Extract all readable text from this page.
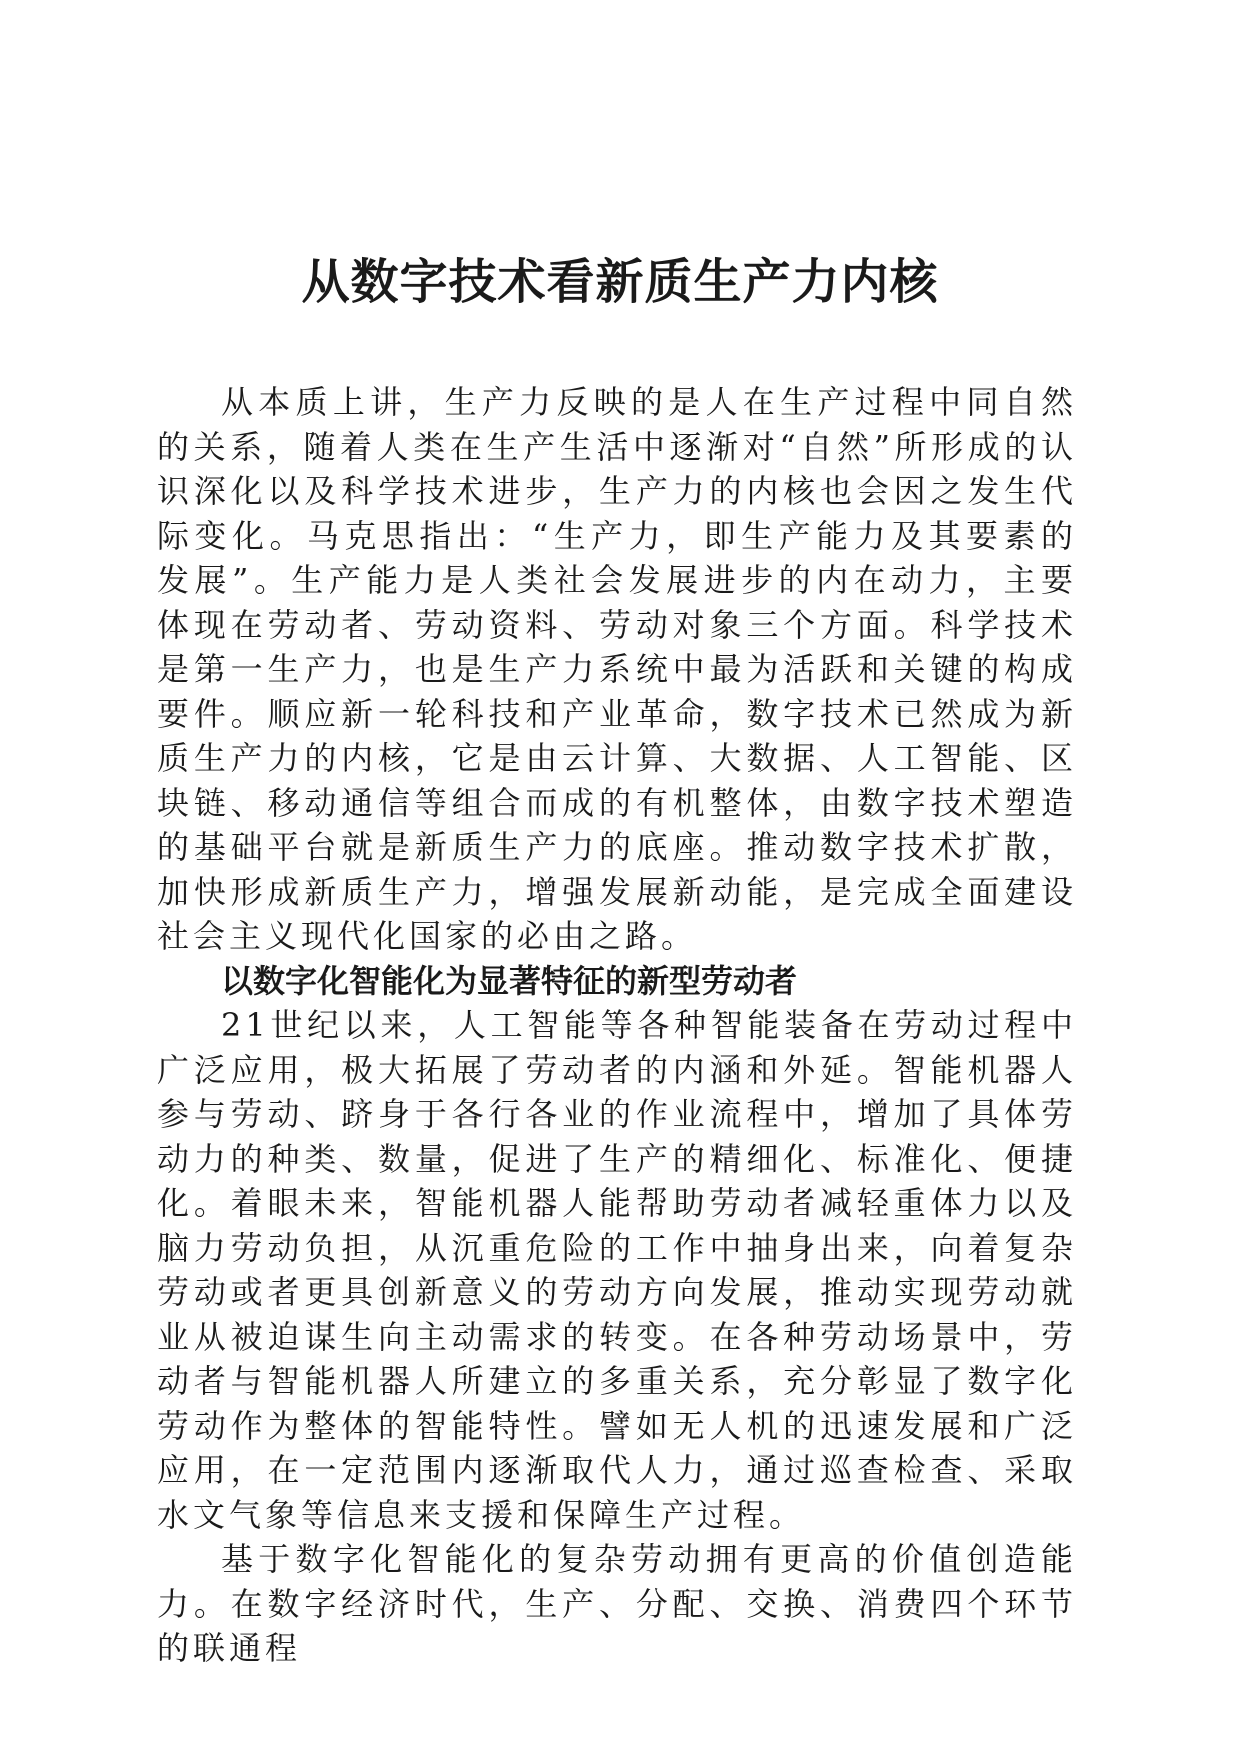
从数字技术看新质生产力内核

从本质上讲，生产力反映的是人在生产过程中同自然的关系，随着人类在生产生活中逐渐对“自然”所形成的认识深化以及科学技术进步，生产力的内核也会因之发生代际变化。马克思指出：“生产力，即生产能力及其要素的发展”。生产能力是人类社会发展进步的内在动力，主要体现在劳动者、劳动资料、劳动对象三个方面。科学技术是第一生产力，也是生产力系统中最为活跃和关键的构成要件。顺应新一轮科技和产业革命，数字技术已然成为新质生产力的内核，它是由云计算、大数据、人工智能、区块链、移动通信等组合而成的有机整体，由数字技术塑造的基础平台就是新质生产力的底座。推动数字技术扩散，加快形成新质生产力，增强发展新动能，是完成全面建设社会主义现代化国家的必由之路。

以数字化智能化为显著特征的新型劳动者

21世纪以来，人工智能等各种智能装备在劳动过程中广泛应用，极大拓展了劳动者的内涵和外延。智能机器人参与劳动、跻身于各行各业的作业流程中，增加了具体劳动力的种类、数量，促进了生产的精细化、标准化、便捷化。着眼未来，智能机器人能帮助劳动者减轻重体力以及脑力劳动负担，从沉重危险的工作中抽身出来，向着复杂劳动或者更具创新意义的劳动方向发展，推动实现劳动就业从被迫谋生向主动需求的转变。在各种劳动场景中，劳动者与智能机器人所建立的多重关系，充分彰显了数字化劳动作为整体的智能特性。譬如无人机的迅速发展和广泛应用，在一定范围内逐渐取代人力，通过巡查检查、采取水文气象等信息来支援和保障生产过程。

基于数字化智能化的复杂劳动拥有更高的价值创造能力。在数字经济时代，生产、分配、交换、消费四个环节的联通程
